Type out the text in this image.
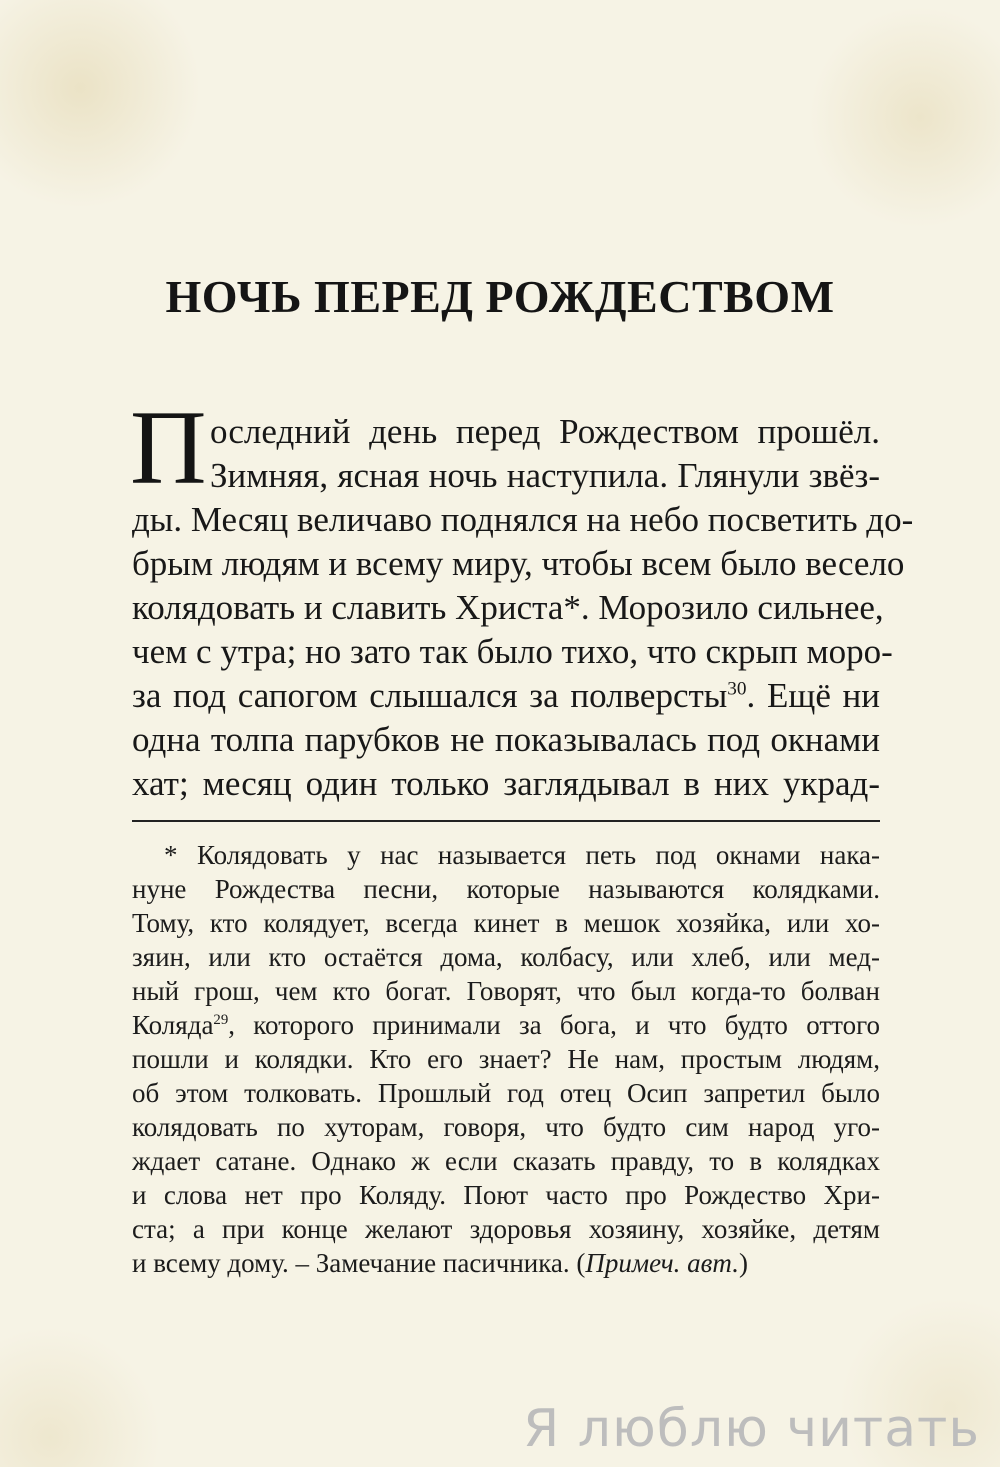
НОЧЬ ПЕРЕД РОЖДЕСТВОМ
П оследний день перед Рождеством прошёл.
Зимняя, ясная ночь наступила. Глянули звёз-
ды. Месяц величаво поднялся на небо посветить до-
брым людям и всему миру, чтобы всем было весело
колядовать и славить Христа*. Морозило сильнее,
чем с утра; но зато так было тихо, что скрып моро-
за под сапогом слышался за полверсты$^{30}$. Ещё ни
одна толпа парубков не показывалась под окнами
хат; месяц один только заглядывал в них украд-
* Колядовать у нас называется петь под окнами нака-
нуне Рождества песни, которые называются колядками.
Тому, кто колядует, всегда кинет в мешок хозяйка, или хо-
зяин, или кто остаётся дома, колбасу, или хлеб, или мед-
ный грош, чем кто богат. Говорят, что был когда-то болван
Коляда$^{29}$, которого принимали за бога, и что будто оттого
пошли и колядки. Кто его знает? Не нам, простым людям,
об этом толковать. Прошлый год отец Осип запретил было
колядовать по хуторам, говоря, что будто сим народ уго-
ждает сатане. Однако ж если сказать правду, то в колядках
и слова нет про Коляду. Поют часто про Рождество Хри-
ста; а при конце желают здоровья хозяину, хозяйке, детям
и всему дому. – Замечание пасичника. (Примеч. авт.)
Я люблю читать
